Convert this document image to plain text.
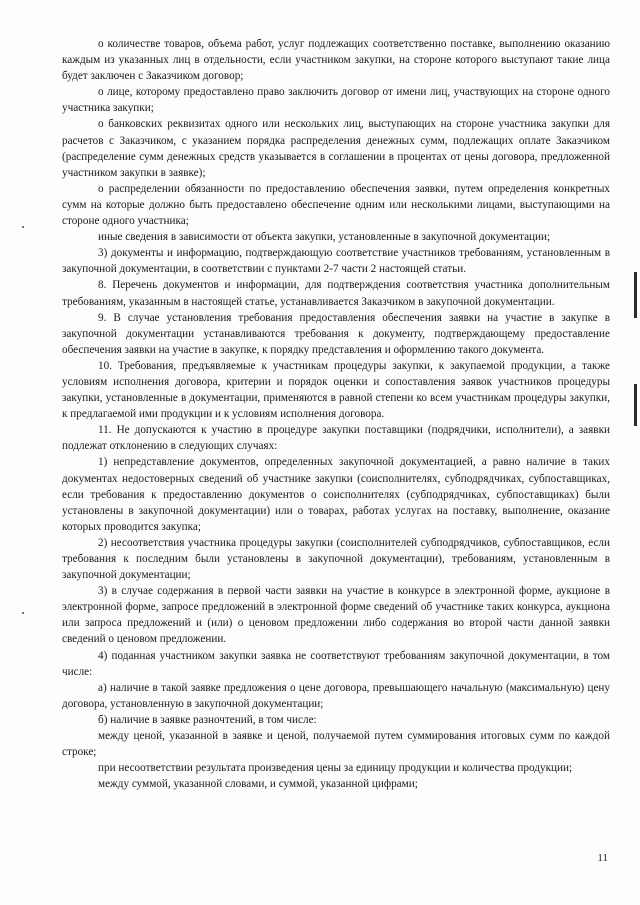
о количестве товаров, объема работ, услуг подлежащих соответственно поставке, выполнению оказанию каждым из указанных лиц в отдельности, если участником закупки, на стороне которого выступают такие лица будет заключен с Заказчиком договор;

о лице, которому предоставлено право заключить договор от имени лиц, участвующих на стороне одного участника закупки;

о банковских реквизитах одного или нескольких лиц, выступающих на стороне участника закупки для расчетов с Заказчиком, с указанием порядка распределения денежных сумм, подлежащих оплате Заказчиком (распределение сумм денежных средств указывается в соглашении в процентах от цены договора, предложенной участником закупки в заявке);

о распределении обязанности по предоставлению обеспечения заявки, путем определения конкретных сумм на которые должно быть предоставлено обеспечение одним или несколькими лицами, выступающими на стороне одного участника;

иные сведения в зависимости от объекта закупки, установленные в закупочной документации;

3) документы и информацию, подтверждающую соответствие участников требованиям, установленным в закупочной документации, в соответствии с пунктами 2-7 части 2 настоящей статьи.

8. Перечень документов и информации, для подтверждения соответствия участника дополнительным требованиям, указанным в настоящей статье, устанавливается Заказчиком в закупочной документации.

9. В случае установления требования предоставления обеспечения заявки на участие в закупке в закупочной документации устанавливаются требования к документу, подтверждающему предоставление обеспечения заявки на участие в закупке, к порядку представления и оформлению такого документа.

10. Требования, предъявляемые к участникам процедуры закупки, к закупаемой продукции, а также условиям исполнения договора, критерии и порядок оценки и сопоставления заявок участников процедуры закупки, установленные в документации, применяются в равной степени ко всем участникам процедуры закупки, к предлагаемой ими продукции и к условиям исполнения договора.

11. Не допускаются к участию в процедуре закупки поставщики (подрядчики, исполнители), а заявки подлежат отклонению в следующих случаях:

1) непредставление документов, определенных закупочной документацией, а равно наличие в таких документах недостоверных сведений об участнике закупки (соисполнителях, субподрядчиках, субпоставщиках, если требования к предоставлению документов о соисполнителях (субподрядчиках, субпоставщиках) были установлены в закупочной документации) или о товарах, работах услугах на поставку, выполнение, оказание которых проводится закупка;

2) несоответствия участника процедуры закупки (соисполнителей субподрядчиков, субпоставщиков, если требования к последним были установлены в закупочной документации), требованиям, установленным в закупочной документации;

3) в случае содержания в первой части заявки на участие в конкурсе в электронной форме, аукционе в электронной форме, запросе предложений в электронной форме сведений об участнике таких конкурса, аукциона или запроса предложений и (или) о ценовом предложении либо содержания во второй части данной заявки сведений о ценовом предложении.

4) поданная участником закупки заявка не соответствуют требованиям закупочной документации, в том числе:

а) наличие в такой заявке предложения о цене договора, превышающего начальную (максимальную) цену договора, установленную в закупочной документации;

б) наличие в заявке разночтений, в том числе:

между ценой, указанной в заявке и ценой, получаемой путем суммирования итоговых сумм по каждой строке;

при несоответствии результата произведения цены за единицу продукции и количества продукции;

между суммой, указанной словами, и суммой, указанной цифрами;

11
